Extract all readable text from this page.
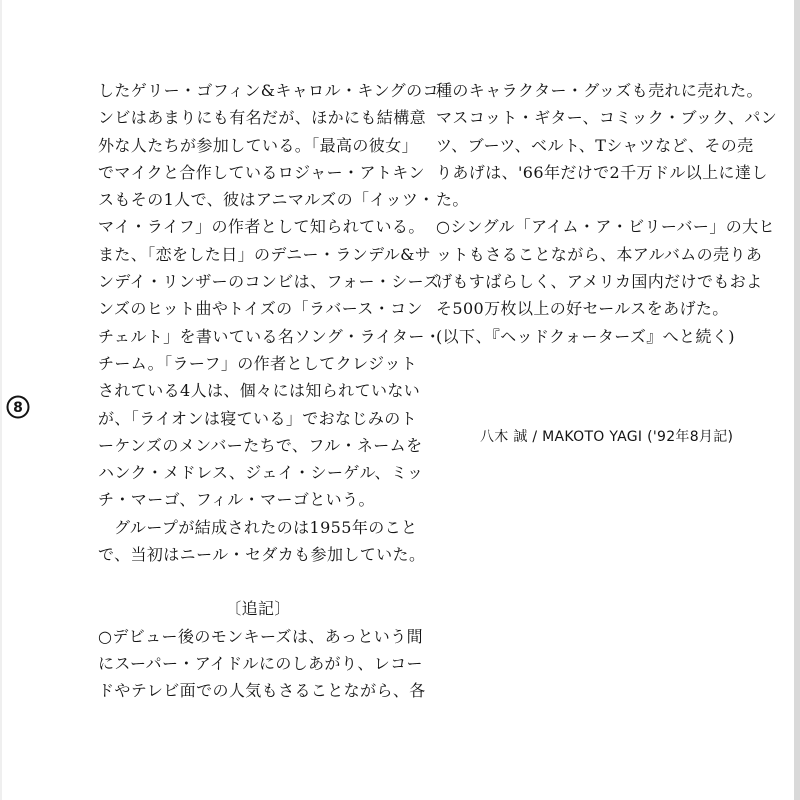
8
したゲリー・ゴフィン&キャロル・キングのコ
ンビはあまりにも有名だが、ほかにも結構意
外な人たちが参加している。「最高の彼女」
でマイクと合作しているロジャー・アトキン
スもその1人で、彼はアニマルズの「イッツ・
マイ・ライフ」の作者として知られている。
また、「恋をした日」のデニー・ランデル&サ
ンデイ・リンザーのコンビは、フォー・シーズ
ンズのヒット曲やトイズの「ラバース・コン
チェルト」を書いている名ソング・ライター・
チーム。「ラーフ」の作者としてクレジット
されている4人は、個々には知られていない
が、「ライオンは寝ている」でおなじみのト
ーケンズのメンバーたちで、フル・ネームを
ハンク・メドレス、ジェイ・シーゲル、ミッ
チ・マーゴ、フィル・マーゴという。
グループが結成されたのは1955年のこと
で、当初はニール・セダカも参加していた。
〔追記〕
○デビュー後のモンキーズは、あっという間
にスーパー・アイドルにのしあがり、レコー
ドやテレビ面での人気もさることながら、各
種のキャラクター・グッズも売れに売れた。
マスコット・ギター、コミック・ブック、パン
ツ、ブーツ、ベルト、Tシャツなど、その売
りあげは、'66年だけで2千万ドル以上に達し
た。
○シングル「アイム・ア・ビリーバー」の大ヒ
ットもさることながら、本アルバムの売りあ
げもすばらしく、アメリカ国内だけでもおよ
そ500万枚以上の好セールスをあげた。
(以下、『ヘッドクォーターズ』へと続く)
八木 誠 / MAKOTO YAGI ('92年8月記)
